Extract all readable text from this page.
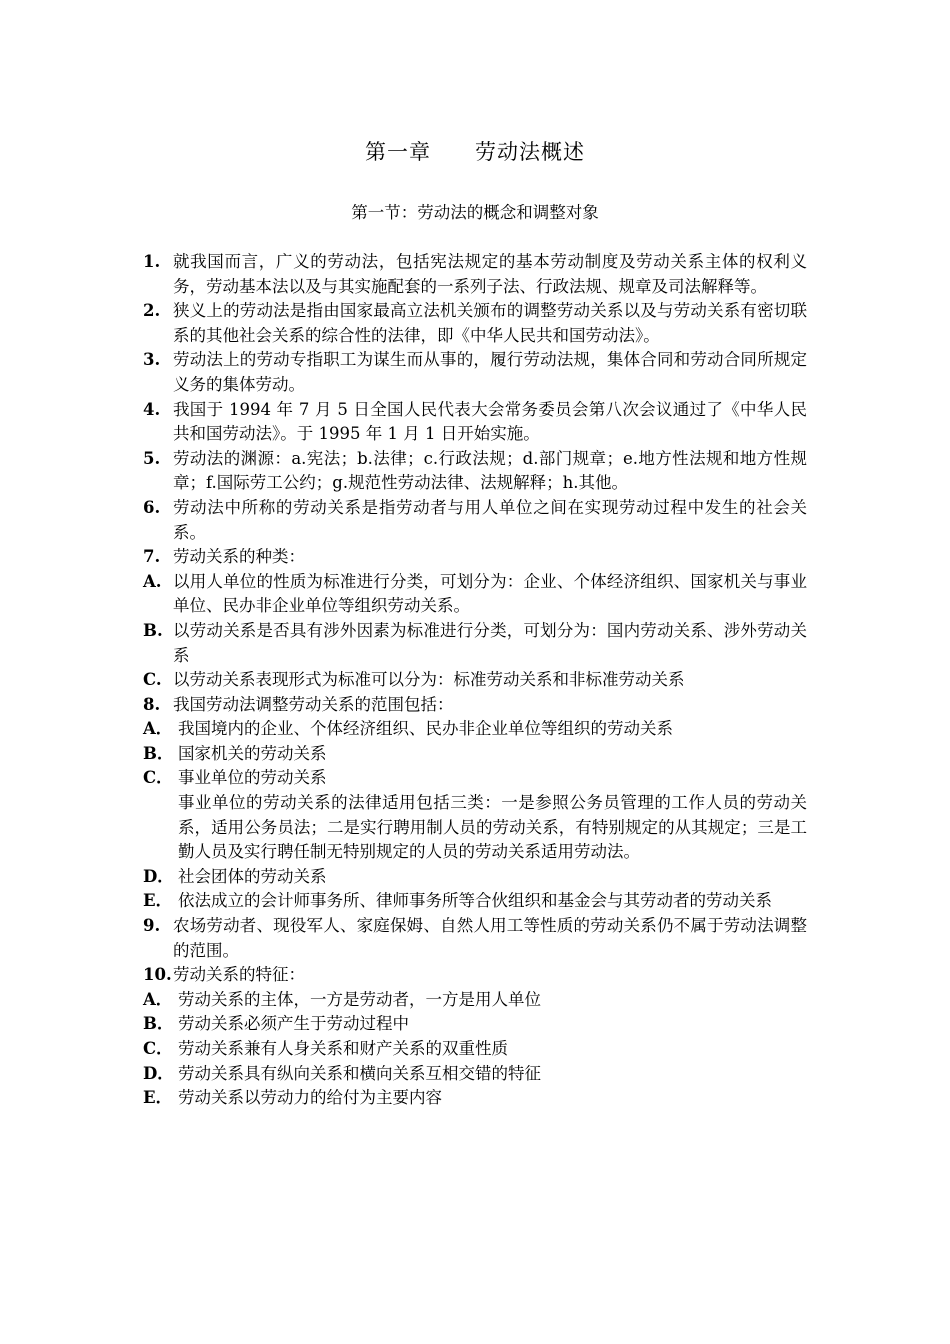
第一章　　劳动法概述
第一节：劳动法的概念和调整对象
1. 就我国而言，广义的劳动法，包括宪法规定的基本劳动制度及劳动关系主体的权利义务，劳动基本法以及与其实施配套的一系列子法、行政法规、规章及司法解释等。
2. 狭义上的劳动法是指由国家最高立法机关颁布的调整劳动关系以及与劳动关系有密切联系的其他社会关系的综合性的法律，即《中华人民共和国劳动法》。
3. 劳动法上的劳动专指职工为谋生而从事的，履行劳动法规，集体合同和劳动合同所规定义务的集体劳动。
4. 我国于 1994 年 7 月 5 日全国人民代表大会常务委员会第八次会议通过了《中华人民共和国劳动法》。于 1995 年 1 月 1 日开始实施。
5. 劳动法的渊源：a.宪法；b.法律；c.行政法规；d.部门规章；e.地方性法规和地方性规章；f.国际劳工公约；g.规范性劳动法律、法规解释；h.其他。
6. 劳动法中所称的劳动关系是指劳动者与用人单位之间在实现劳动过程中发生的社会关系。
7. 劳动关系的种类：
A. 以用人单位的性质为标准进行分类，可划分为：企业、个体经济组织、国家机关与事业单位、民办非企业单位等组织劳动关系。
B. 以劳动关系是否具有涉外因素为标准进行分类，可划分为：国内劳动关系、涉外劳动关系
C. 以劳动关系表现形式为标准可以分为：标准劳动关系和非标准劳动关系
8. 我国劳动法调整劳动关系的范围包括：
A． 我国境内的企业、个体经济组织、民办非企业单位等组织的劳动关系
B． 国家机关的劳动关系
C． 事业单位的劳动关系
事业单位的劳动关系的法律适用包括三类：一是参照公务员管理的工作人员的劳动关系，适用公务员法；二是实行聘用制人员的劳动关系，有特别规定的从其规定；三是工勤人员及实行聘任制无特别规定的人员的劳动关系适用劳动法。
D． 社会团体的劳动关系
E． 依法成立的会计师事务所、律师事务所等合伙组织和基金会与其劳动者的劳动关系
9. 农场劳动者、现役军人、家庭保姆、自然人用工等性质的劳动关系仍不属于劳动法调整的范围。
10. 劳动关系的特征：
A． 劳动关系的主体，一方是劳动者，一方是用人单位
B． 劳动关系必须产生于劳动过程中
C． 劳动关系兼有人身关系和财产关系的双重性质
D． 劳动关系具有纵向关系和横向关系互相交错的特征
E． 劳动关系以劳动力的给付为主要内容
